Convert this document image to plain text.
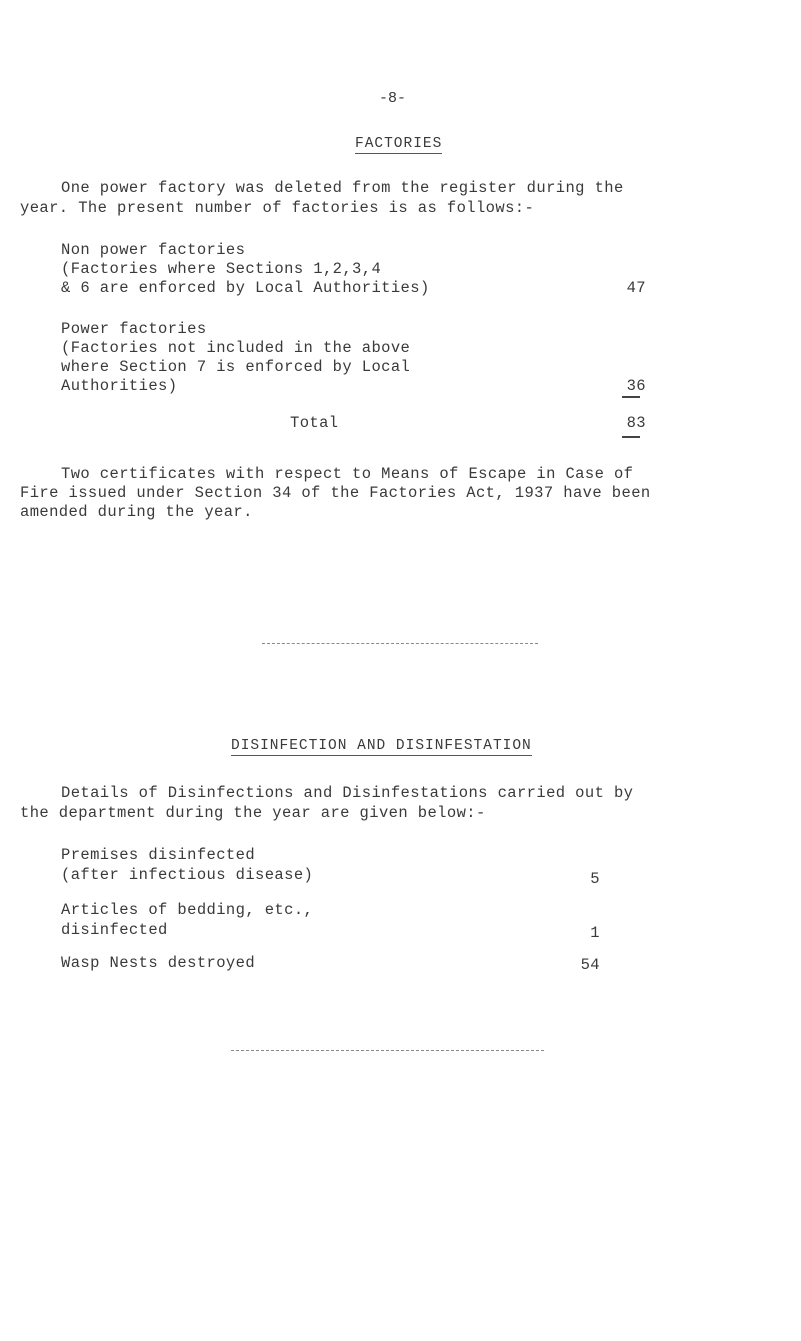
-8-
FACTORIES
One power factory was deleted from the register during the
year. The present number of factories is as follows:-
Non power factories
(Factories where Sections 1,2,3,4
& 6 are enforced by Local Authorities)	47
Power factories
(Factories not included in the above
where Section 7 is enforced by Local
Authorities)	36
Total	83
Two certificates with respect to Means of Escape in Case of
Fire issued under Section 34 of the Factories Act, 1937 have been
amended during the year.
DISINFECTION AND DISINFESTATION
Details of Disinfections and Disinfestations carried out by
the department during the year are given below:-
Premises disinfected
(after infectious disease)	5
Articles of bedding, etc.,
disinfected	1
Wasp Nests destroyed	54
